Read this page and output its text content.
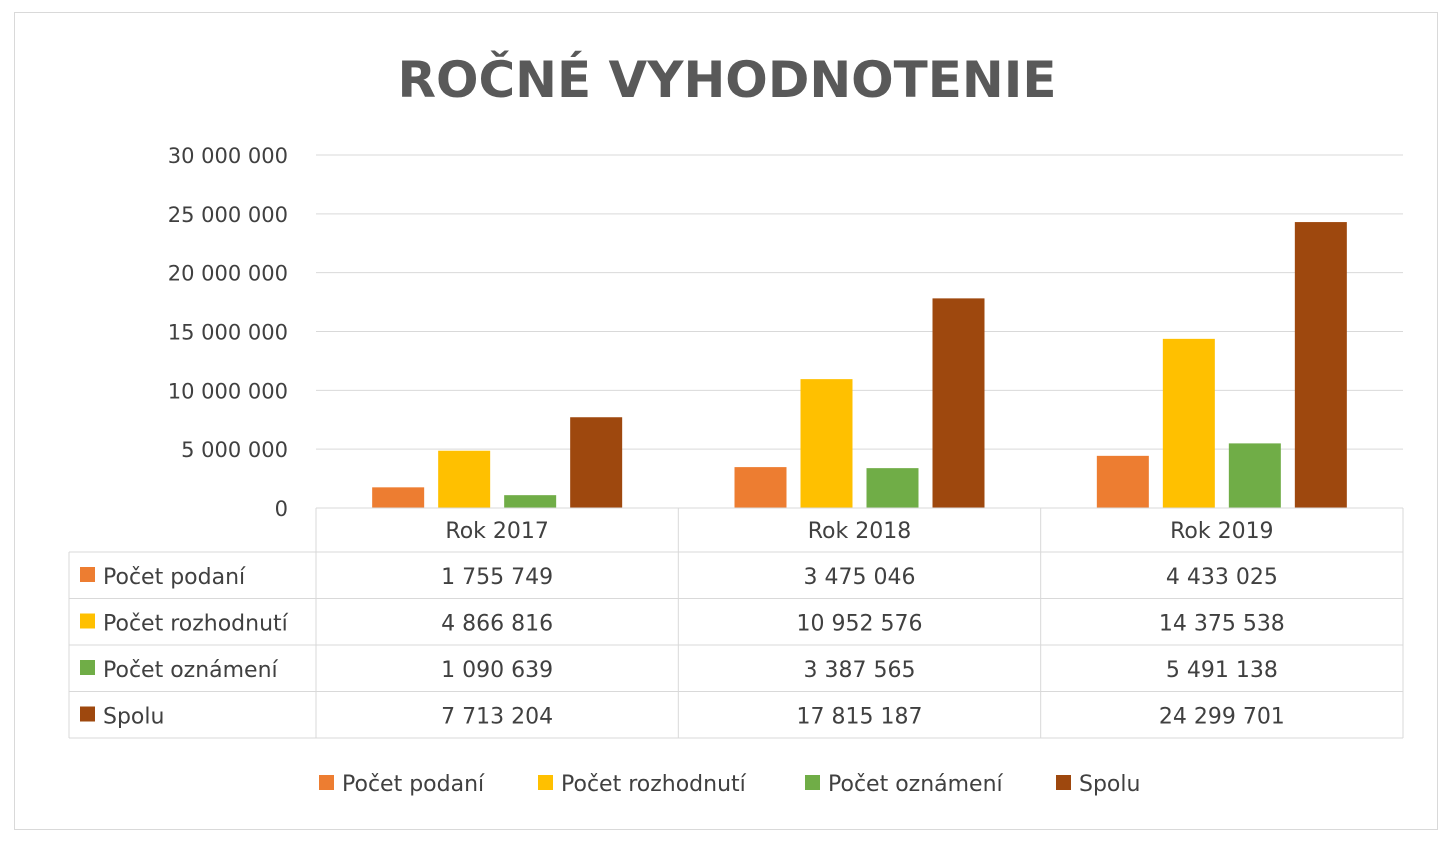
ROČNÉ VYHODNOTENIE
0
5 000 000
10 000 000
15 000 000
20 000 000
25 000 000
30 000 000
Rok 2017	Rok 2018	Rok 2019
Počet podaní	1 755 749	3 475 046	4 433 025
Počet rozhodnutí	4 866 816	10 952 576	14 375 538
Počet oznámení	1 090 639	3 387 565	5 491 138
Spolu	7 713 204	17 815 187	24 299 701
Počet podaní	Počet rozhodnutí	Počet oznámení	Spolu
